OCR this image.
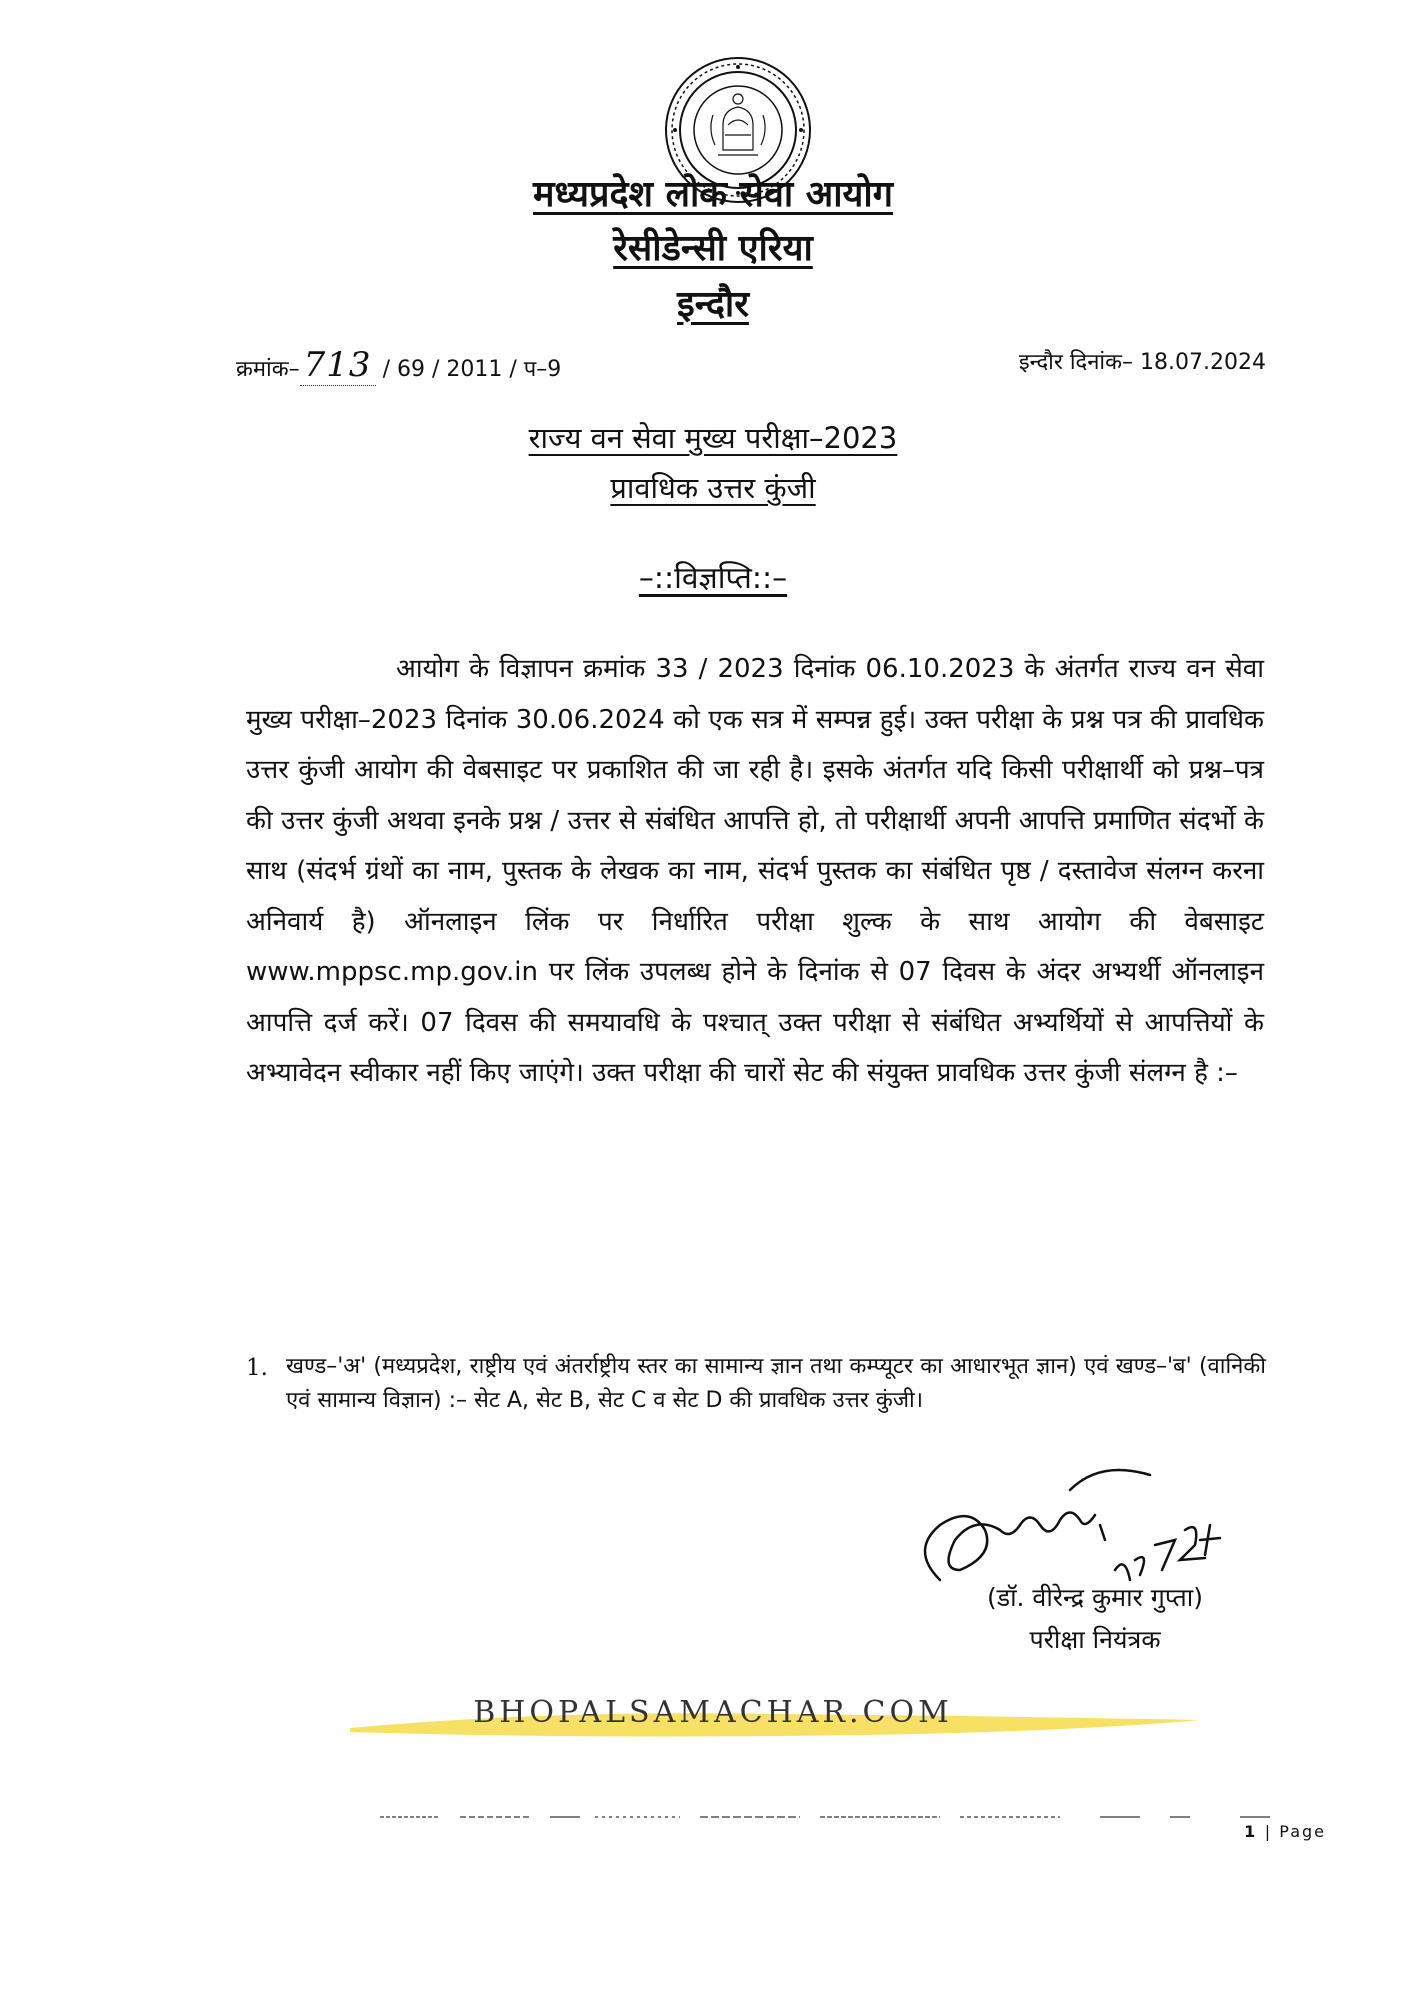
मध्यप्रदेश लोक सेवा आयोग
रेसीडेन्सी एरिया
इन्दौर
क्रमांक– 713 / 69 / 2011 / प–9	इन्दौर दिनांक– 18.07.2024
राज्य वन सेवा मुख्य परीक्षा–2023
प्रावधिक उत्तर कुंजी
–::विज्ञप्ति::–

आयोग के विज्ञापन क्रमांक 33 / 2023 दिनांक 06.10.2023 के अंतर्गत राज्य वन सेवा मुख्य परीक्षा–2023 दिनांक 30.06.2024 को एक सत्र में सम्पन्न हुई। उक्त परीक्षा के प्रश्न पत्र की प्रावधिक उत्तर कुंजी आयोग की वेबसाइट पर प्रकाशित की जा रही है। इसके अंतर्गत यदि किसी परीक्षार्थी को प्रश्न–पत्र की उत्तर कुंजी अथवा इनके प्रश्न / उत्तर से संबंधित आपत्ति हो, तो परीक्षार्थी अपनी आपत्ति प्रमाणित संदर्भो के साथ (संदर्भ ग्रंथों का नाम, पुस्तक के लेखक का नाम, संदर्भ पुस्तक का संबंधित पृष्ठ / दस्तावेज संलग्न करना अनिवार्य है) ऑनलाइन लिंक पर निर्धारित परीक्षा शुल्क के साथ आयोग की वेबसाइट www.mppsc.mp.gov.in पर लिंक उपलब्ध होने के दिनांक से 07 दिवस के अंदर अभ्यर्थी ऑनलाइन आपत्ति दर्ज करें। 07 दिवस की समयावधि के पश्चात् उक्त परीक्षा से संबंधित अभ्यर्थियों से आपत्तियों के अभ्यावेदन स्वीकार नहीं किए जाएंगे। उक्त परीक्षा की चारों सेट की संयुक्त प्रावधिक उत्तर कुंजी संलग्न है :–

1. खण्ड–'अ' (मध्यप्रदेश, राष्ट्रीय एवं अंतर्राष्ट्रीय स्तर का सामान्य ज्ञान तथा कम्प्यूटर का आधारभूत ज्ञान) एवं खण्ड–'ब' (वानिकी एवं सामान्य विज्ञान) :– सेट A, सेट B, सेट C व सेट D की प्रावधिक उत्तर कुंजी।

(डॉ. वीरेन्द्र कुमार गुप्ता)
परीक्षा नियंत्रक
BHOPALSAMACHAR.COM
1 | Page
